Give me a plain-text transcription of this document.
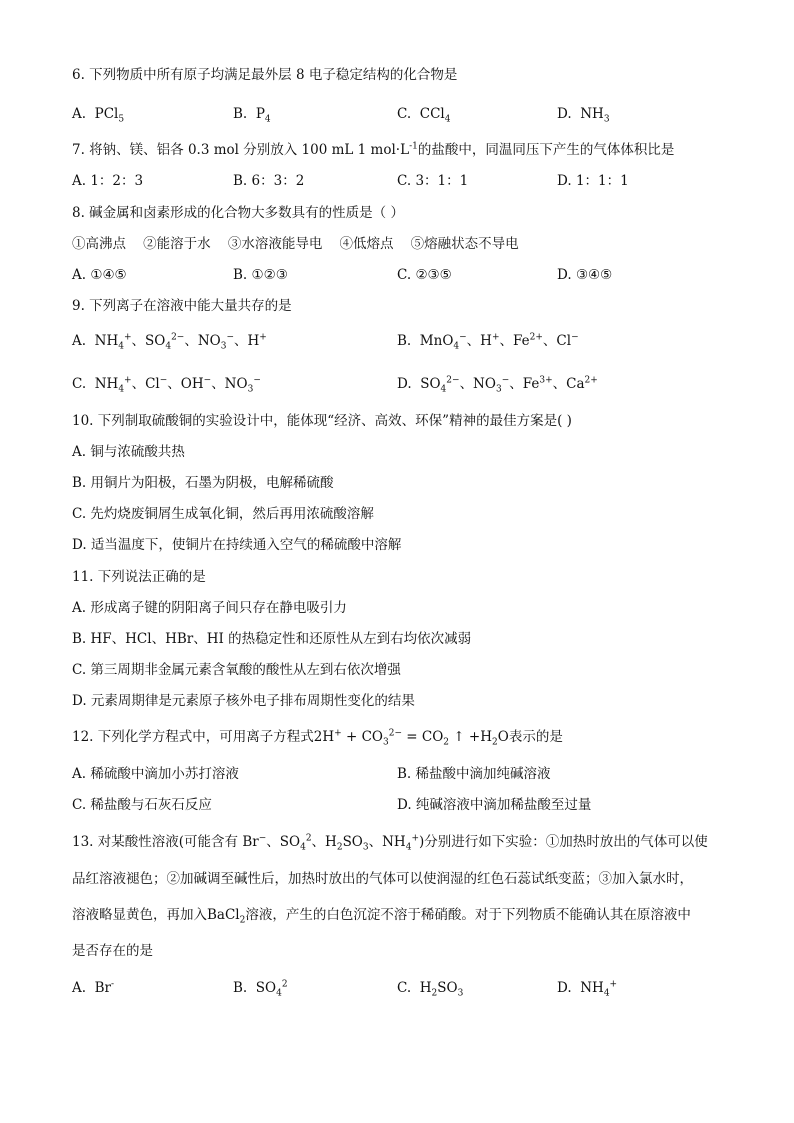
6. 下列物质中所有原子均满足最外层 8 电子稳定结构的化合物是

A. PCl$_5$	B. $P_4$	C. CCl$_4$	D. $NH_3$

7. 将钠、镁、铝各 0.3 mol 分别放入 100 mL 1 $mol\cdot L^{-1}$的盐酸中，同温同压下产生的气体体积比是

A. 1：2：3	B. 6：3：2	C. 3：1：1	D. 1：1：1

8. 碱金属和卤素形成的化合物大多数具有的性质是（ ）

①高沸点    ②能溶于水    ③水溶液能导电    ④低熔点    ⑤熔融状态不导电

A. ①④⑤	B. ①②③	C. ②③⑤	D. ③④⑤

9. 下列离子在溶液中能大量共存的是

A.  $NH_4^+$、$SO_4^{2-}$、$NO_3^-$、H+	B.  MnO$_4$−、H+、$Fe^{2+}$、Cl−
C.  $NH_4^+$、Cl−、OH−、$NO_3^-$	D.  $SO_4^{2-}$、$NO_3^-$、$Fe^{3+}$、$Ca^{2+}$

10. 下列制取硫酸铜的实验设计中，能体现“经济、高效、环保”精神的最佳方案是( )

A. 铜与浓硫酸共热

B. 用铜片为阳极，石墨为阴极，电解稀硫酸

C. 先灼烧废铜屑生成氧化铜，然后再用浓硫酸溶解

D. 适当温度下，使铜片在持续通入空气的稀硫酸中溶解

11. 下列说法正确的是

A. 形成离子键的阴阳离子间只存在静电吸引力

B. HF、HCl、HBr、HI 的热稳定性和还原性从左到右均依次减弱

C. 第三周期非金属元素含氧酸的酸性从左到右依次增强

D. 元素周期律是元素原子核外电子排布周期性变化的结果

12. 下列化学方程式中，可用离子方程式$2H^+ + CO_3^{2-} = CO_2$ ↑ $+H_2O$表示的是

A. 稀硫酸中滴加小苏打溶液	B. 稀盐酸中滴加纯碱溶液
C. 稀盐酸与石灰石反应	D. 纯碱溶液中滴加稀盐酸至过量

13. 对某酸性溶液(可能含有 Br−、$SO_4^2$、$H_2SO_3$、$NH_4^+$)分别进行如下实验：①加热时放出的气体可以使

品红溶液褪色；②加碱调至碱性后，加热时放出的气体可以使润湿的红色石蕊试纸变蓝；③加入氯水时，

溶液略显黄色，再加入BaCl$_2$溶液，产生的白色沉淀不溶于稀硝酸。对于下列物质不能确认其在原溶液中

是否存在的是

A.  Br-	B.  $SO_4^2$	C.  $H_2SO_3$	D.  $NH_4^+$
